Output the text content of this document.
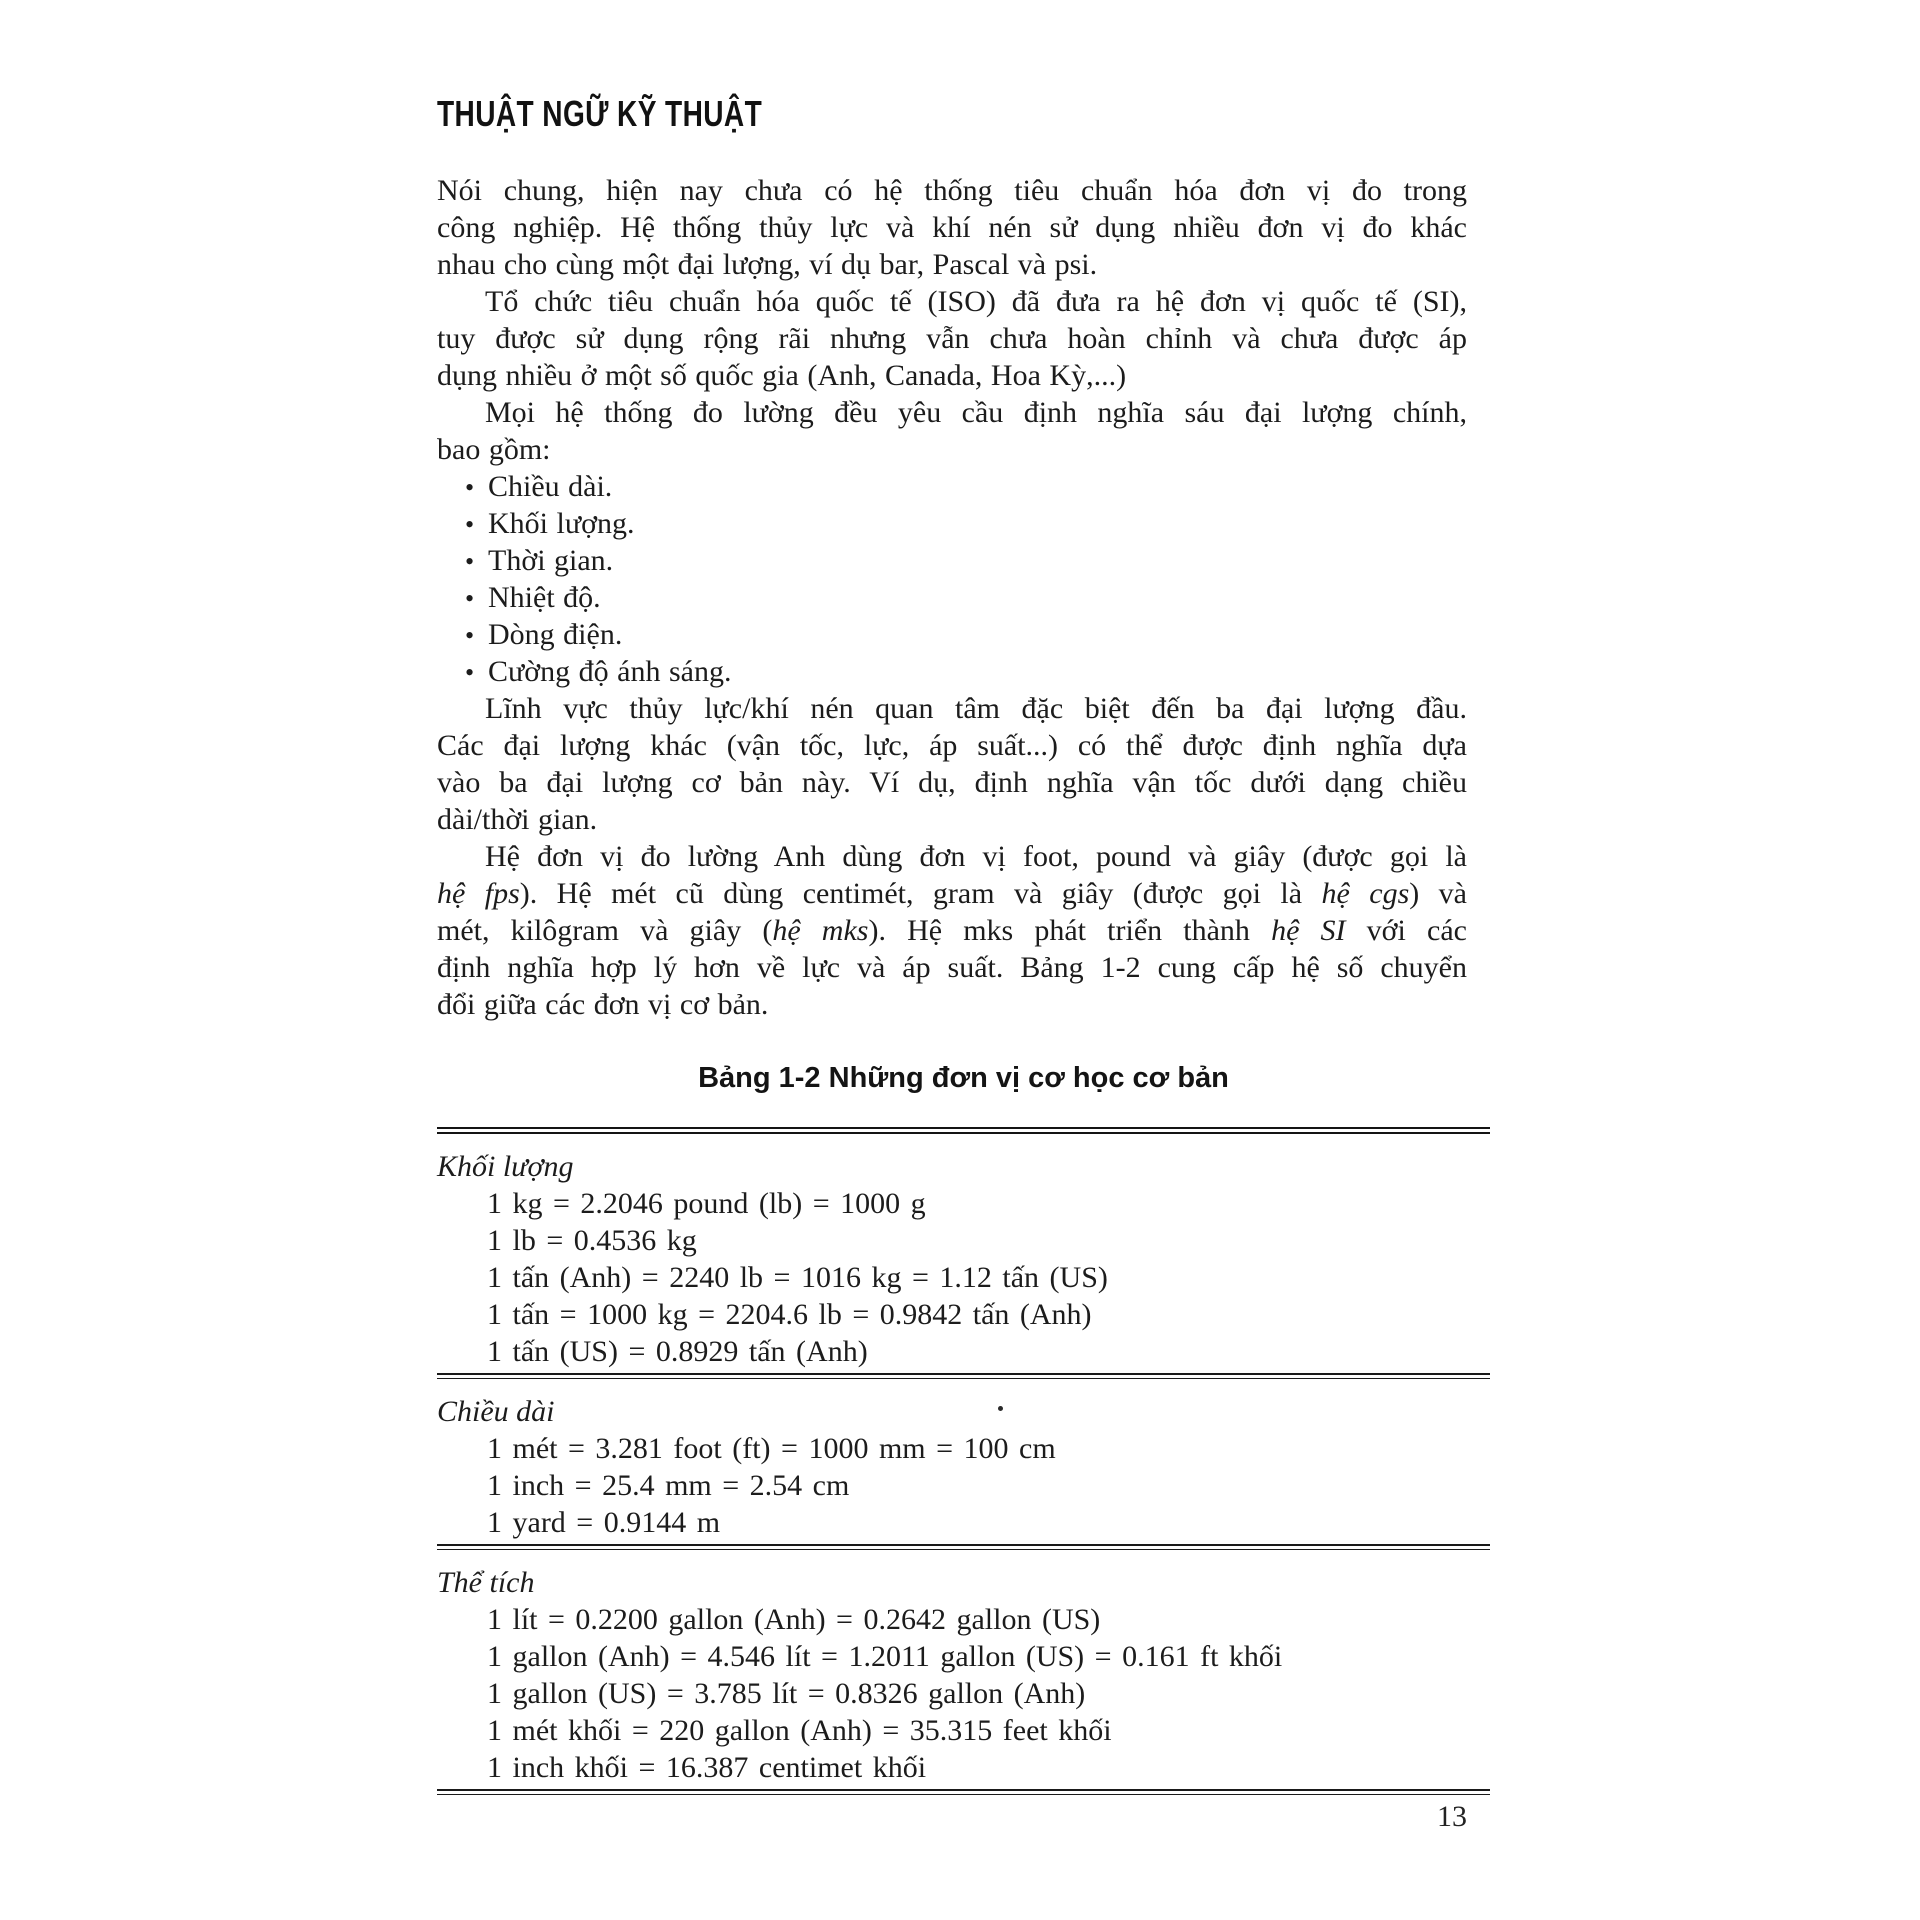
THUẬT NGỮ KỸ THUẬT
Nói chung, hiện nay chưa có hệ thống tiêu chuẩn hóa đơn vị đo trong
công nghiệp. Hệ thống thủy lực và khí nén sử dụng nhiều đơn vị đo khác
nhau cho cùng một đại lượng, ví dụ bar, Pascal và psi.
Tổ chức tiêu chuẩn hóa quốc tế (ISO) đã đưa ra hệ đơn vị quốc tế (SI),
tuy được sử dụng rộng rãi nhưng vẫn chưa hoàn chỉnh và chưa được áp
dụng nhiều ở một số quốc gia (Anh, Canada, Hoa Kỳ,...)
Mọi hệ thống đo lường đều yêu cầu định nghĩa sáu đại lượng chính,
bao gồm:
• Chiều dài.
• Khối lượng.
• Thời gian.
• Nhiệt độ.
• Dòng điện.
• Cường độ ánh sáng.
Lĩnh vực thủy lực/khí nén quan tâm đặc biệt đến ba đại lượng đầu.
Các đại lượng khác (vận tốc, lực, áp suất...) có thể được định nghĩa dựa
vào ba đại lượng cơ bản này. Ví dụ, định nghĩa vận tốc dưới dạng chiều
dài/thời gian.
Hệ đơn vị đo lường Anh dùng đơn vị foot, pound và giây (được gọi là
hệ fps). Hệ mét cũ dùng centimét, gram và giây (được gọi là hệ cgs) và
mét, kilôgram và giây (hệ mks). Hệ mks phát triển thành hệ SI với các
định nghĩa hợp lý hơn về lực và áp suất. Bảng 1-2 cung cấp hệ số chuyển
đổi giữa các đơn vị cơ bản.
Bảng 1-2 Những đơn vị cơ học cơ bản
Khối lượng
1 kg = 2.2046 pound (lb) = 1000 g
1 lb = 0.4536 kg
1 tấn (Anh) = 2240 lb = 1016 kg = 1.12 tấn (US)
1 tấn = 1000 kg = 2204.6 lb = 0.9842 tấn (Anh)
1 tấn (US) = 0.8929 tấn (Anh)
Chiều dài
1 mét = 3.281 foot (ft) = 1000 mm = 100 cm
1 inch = 25.4 mm = 2.54 cm
1 yard = 0.9144 m
Thể tích
1 lít = 0.2200 gallon (Anh) = 0.2642 gallon (US)
1 gallon (Anh) = 4.546 lít = 1.2011 gallon (US) = 0.161 ft khối
1 gallon (US) = 3.785 lít = 0.8326 gallon (Anh)
1 mét khối = 220 gallon (Anh) = 35.315 feet khối
1 inch khối = 16.387 centimet khối
13
